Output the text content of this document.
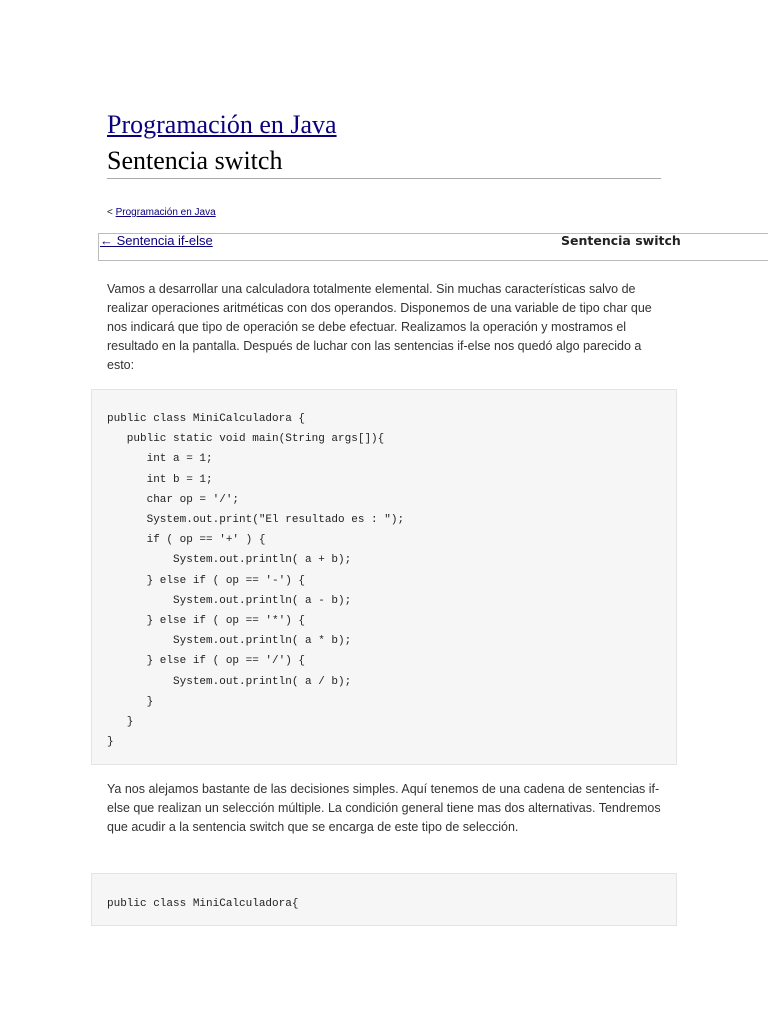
Programación en Java
Sentencia switch
< Programación en Java
← Sentencia if-else	Sentencia switch

Vamos a desarrollar una calculadora totalmente elemental. Sin muchas características salvo de realizar operaciones aritméticas con dos operandos. Disponemos de una variable de tipo char que nos indicará que tipo de operación se debe efectuar. Realizamos la operación y mostramos el resultado en la pantalla. Después de luchar con las sentencias if-else nos quedó algo parecido a esto:

public class MiniCalculadora {
public static void main(String args[]){
int a = 1;
int b = 1;
char op = '/';
System.out.print("El resultado es : ");
if ( op == '+' ) {
System.out.println( a + b);
} else if ( op == '-') {
System.out.println( a - b);
} else if ( op == '*') {
System.out.println( a * b);
} else if ( op == '/') {
System.out.println( a / b);
}
}
}

Ya nos alejamos bastante de las decisiones simples. Aquí tenemos de una cadena de sentencias if-else que realizan un selección múltiple. La condición general tiene mas dos alternativas. Tendremos que acudir a la sentencia switch que se encarga de este tipo de selección.

public class MiniCalculadora{
